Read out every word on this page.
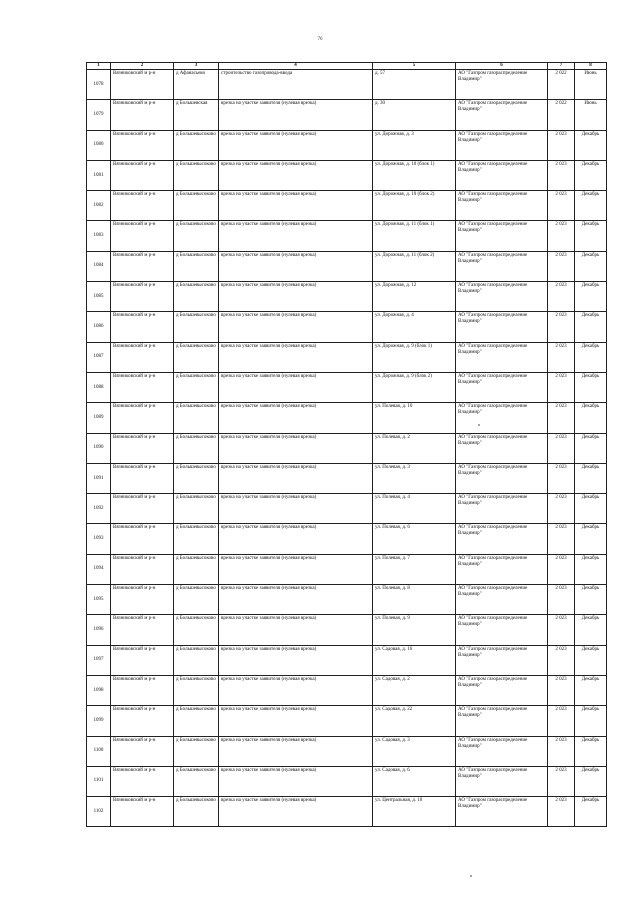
76
1	2	3	4	5	6	7	8
1078	Вязниковский м р-н	д Афанасьево	строительство газопровода-ввода	д. 57	АО "Газпром газораспределение Владимир"	2 022	Июнь
1079	Вязниковский м р-н	д Большевская	врезка на участке заявителя (нулевая врезка)	д. 30	АО "Газпром газораспределение Владимир"	2 022	Июнь
1080	Вязниковский м р-н	д Большевысоково	врезка на участке заявителя (нулевая врезка)	ул. Дорожная, д. 3	АО "Газпром газораспределение Владимир"	2 023	Декабрь
1081	Вязниковский м р-н	д Большевысоково	врезка на участке заявителя (нулевая врезка)	ул. Дорожная, д. 10 (блок 1)	АО "Газпром газораспределение Владимир"	2 023	Декабрь
1082	Вязниковский м р-н	д Большевысоково	врезка на участке заявителя (нулевая врезка)	ул. Дорожная, д. 10 (блок 2)	АО "Газпром газораспределение Владимир"	2 023	Декабрь
1083	Вязниковский м р-н	д Большевысоково	врезка на участке заявителя (нулевая врезка)	ул. Дорожная, д. 11 (блок 1)	АО "Газпром газораспределение Владимир"	2 023	Декабрь
1084	Вязниковский м р-н	д Большевысоково	врезка на участке заявителя (нулевая врезка)	ул. Дорожная, д. 11 (блок 2)	АО "Газпром газораспределение Владимир"	2 023	Декабрь
1085	Вязниковский м р-н	д Большевысоково	врезка на участке заявителя (нулевая врезка)	ул. Дорожная, д. 12	АО "Газпром газораспределение Владимир"	2 023	Декабрь
1086	Вязниковский м р-н	д Большевысоково	врезка на участке заявителя (нулевая врезка)	ул. Дорожная, д. 4	АО "Газпром газораспределение Владимир"	2 023	Декабрь
1087	Вязниковский м р-н	д Большевысоково	врезка на участке заявителя (нулевая врезка)	ул. Дорожная, д. 9 (блок 1)	АО "Газпром газораспределение Владимир"	2 023	Декабрь
1088	Вязниковский м р-н	д Большевысоково	врезка на участке заявителя (нулевая врезка)	ул. Дорожная, д. 9 (блок 2)	АО "Газпром газораспределение Владимир"	2 023	Декабрь
1089	Вязниковский м р-н	д Большевысоково	врезка на участке заявителя (нулевая врезка)	ул. Полевая, д. 10	АО "Газпром газораспределение Владимир"	2 023	Декабрь
1090	Вязниковский м р-н	д Большевысоково	врезка на участке заявителя (нулевая врезка)	ул. Полевая, д. 2	АО "Газпром газораспределение Владимир"	2 023	Декабрь
1091	Вязниковский м р-н	д Большевысоково	врезка на участке заявителя (нулевая врезка)	ул. Полевая, д. 3	АО "Газпром газораспределение Владимир"	2 023	Декабрь
1092	Вязниковский м р-н	д Большевысоково	врезка на участке заявителя (нулевая врезка)	ул. Полевая, д. 4	АО "Газпром газораспределение Владимир"	2 023	Декабрь
1093	Вязниковский м р-н	д Большевысоково	врезка на участке заявителя (нулевая врезка)	ул. Полевая, д. 6	АО "Газпром газораспределение Владимир"	2 023	Декабрь
1094	Вязниковский м р-н	д Большевысоково	врезка на участке заявителя (нулевая врезка)	ул. Полевая, д. 7	АО "Газпром газораспределение Владимир"	2 023	Декабрь
1095	Вязниковский м р-н	д Большевысоково	врезка на участке заявителя (нулевая врезка)	ул. Полевая, д. 8	АО "Газпром газораспределение Владимир"	2 023	Декабрь
1096	Вязниковский м р-н	д Большевысоково	врезка на участке заявителя (нулевая врезка)	ул. Полевая, д. 9	АО "Газпром газораспределение Владимир"	2 023	Декабрь
1097	Вязниковский м р-н	д Большевысоково	врезка на участке заявителя (нулевая врезка)	ул. Садовая, д. 16	АО "Газпром газораспределение Владимир"	2 023	Декабрь
1098	Вязниковский м р-н	д Большевысоково	врезка на участке заявителя (нулевая врезка)	ул. Садовая, д. 2	АО "Газпром газораспределение Владимир"	2 023	Декабрь
1099	Вязниковский м р-н	д Большевысоково	врезка на участке заявителя (нулевая врезка)	ул. Садовая, д. 22	АО "Газпром газораспределение Владимир"	2 023	Декабрь
1100	Вязниковский м р-н	д Большевысоково	врезка на участке заявителя (нулевая врезка)	ул. Садовая, д. 3	АО "Газпром газораспределение Владимир"	2 023	Декабрь
1101	Вязниковский м р-н	д Большевысоково	врезка на участке заявителя (нулевая врезка)	ул. Садовая, д. 6	АО "Газпром газораспределение Владимир"	2 023	Декабрь
1102	Вязниковский м р-н	д Большевысоково	врезка на участке заявителя (нулевая врезка)	ул. Центральная, д. 10	АО "Газпром газораспределение Владимир"	2 023	Декабрь
